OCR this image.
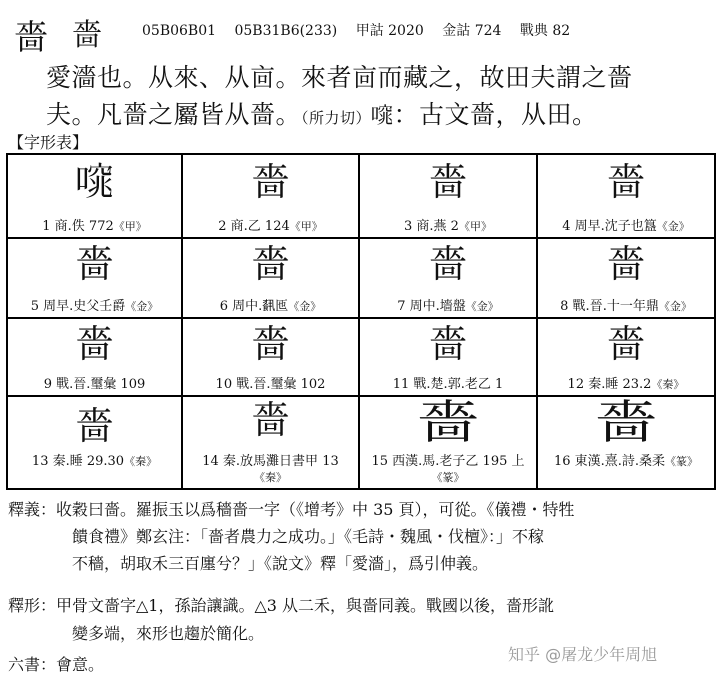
嗇 嗇	05B06B01 05B31B6(233) 甲詁 2020 金詁 724 戰典 82
愛濇也。从來、从㐭。來者㐭而藏之，故田夫謂之嗇
夫。凡嗇之屬皆从嗇。（所力切）𠻩：古文嗇，从田。
【字形表】
𠻩
1 商.佚 772《甲》
嗇
2 商.乙 124《甲》
嗇
3 商.燕 2《甲》
嗇
4 周早.沈子也簋《金》
嗇
5 周早.史父壬爵《金》
嗇
6 周中.𩛥匜《金》
嗇
7 周中.墻盤《金》
嗇
8 戰.晉.十一年鼎《金》
嗇
9 戰.晉.璽彙 109
嗇
10 戰.晉.璽彙 102
嗇
11 戰.楚.郭.老乙 1
嗇
12 秦.睡 23.2《秦》
嗇
13 秦.睡 29.30《秦》
嗇
14 秦.放馬灘日書甲 13
《秦》
嗇
15 西漢.馬.老子乙 195 上《篆》
嗇
16 東漢.熹.詩.桑柔《篆》
釋義：收穀曰嗇。羅振玉以爲穡嗇一字（《增考》中 35 頁），可從。《儀禮・特牲
饋食禮》鄭玄注：「嗇者農力之成功。」《毛詩・魏風・伐檀》：」不稼
不穡，胡取禾三百廛兮？」《說文》釋「愛濇」，爲引伸義。
釋形：甲骨文嗇字△1，孫詒讓識。△3 从二禾，與嗇同義。戰國以後，嗇形訛
變多端，來形也趨於簡化。
六書：會意。
知乎 @屠龙少年周旭
